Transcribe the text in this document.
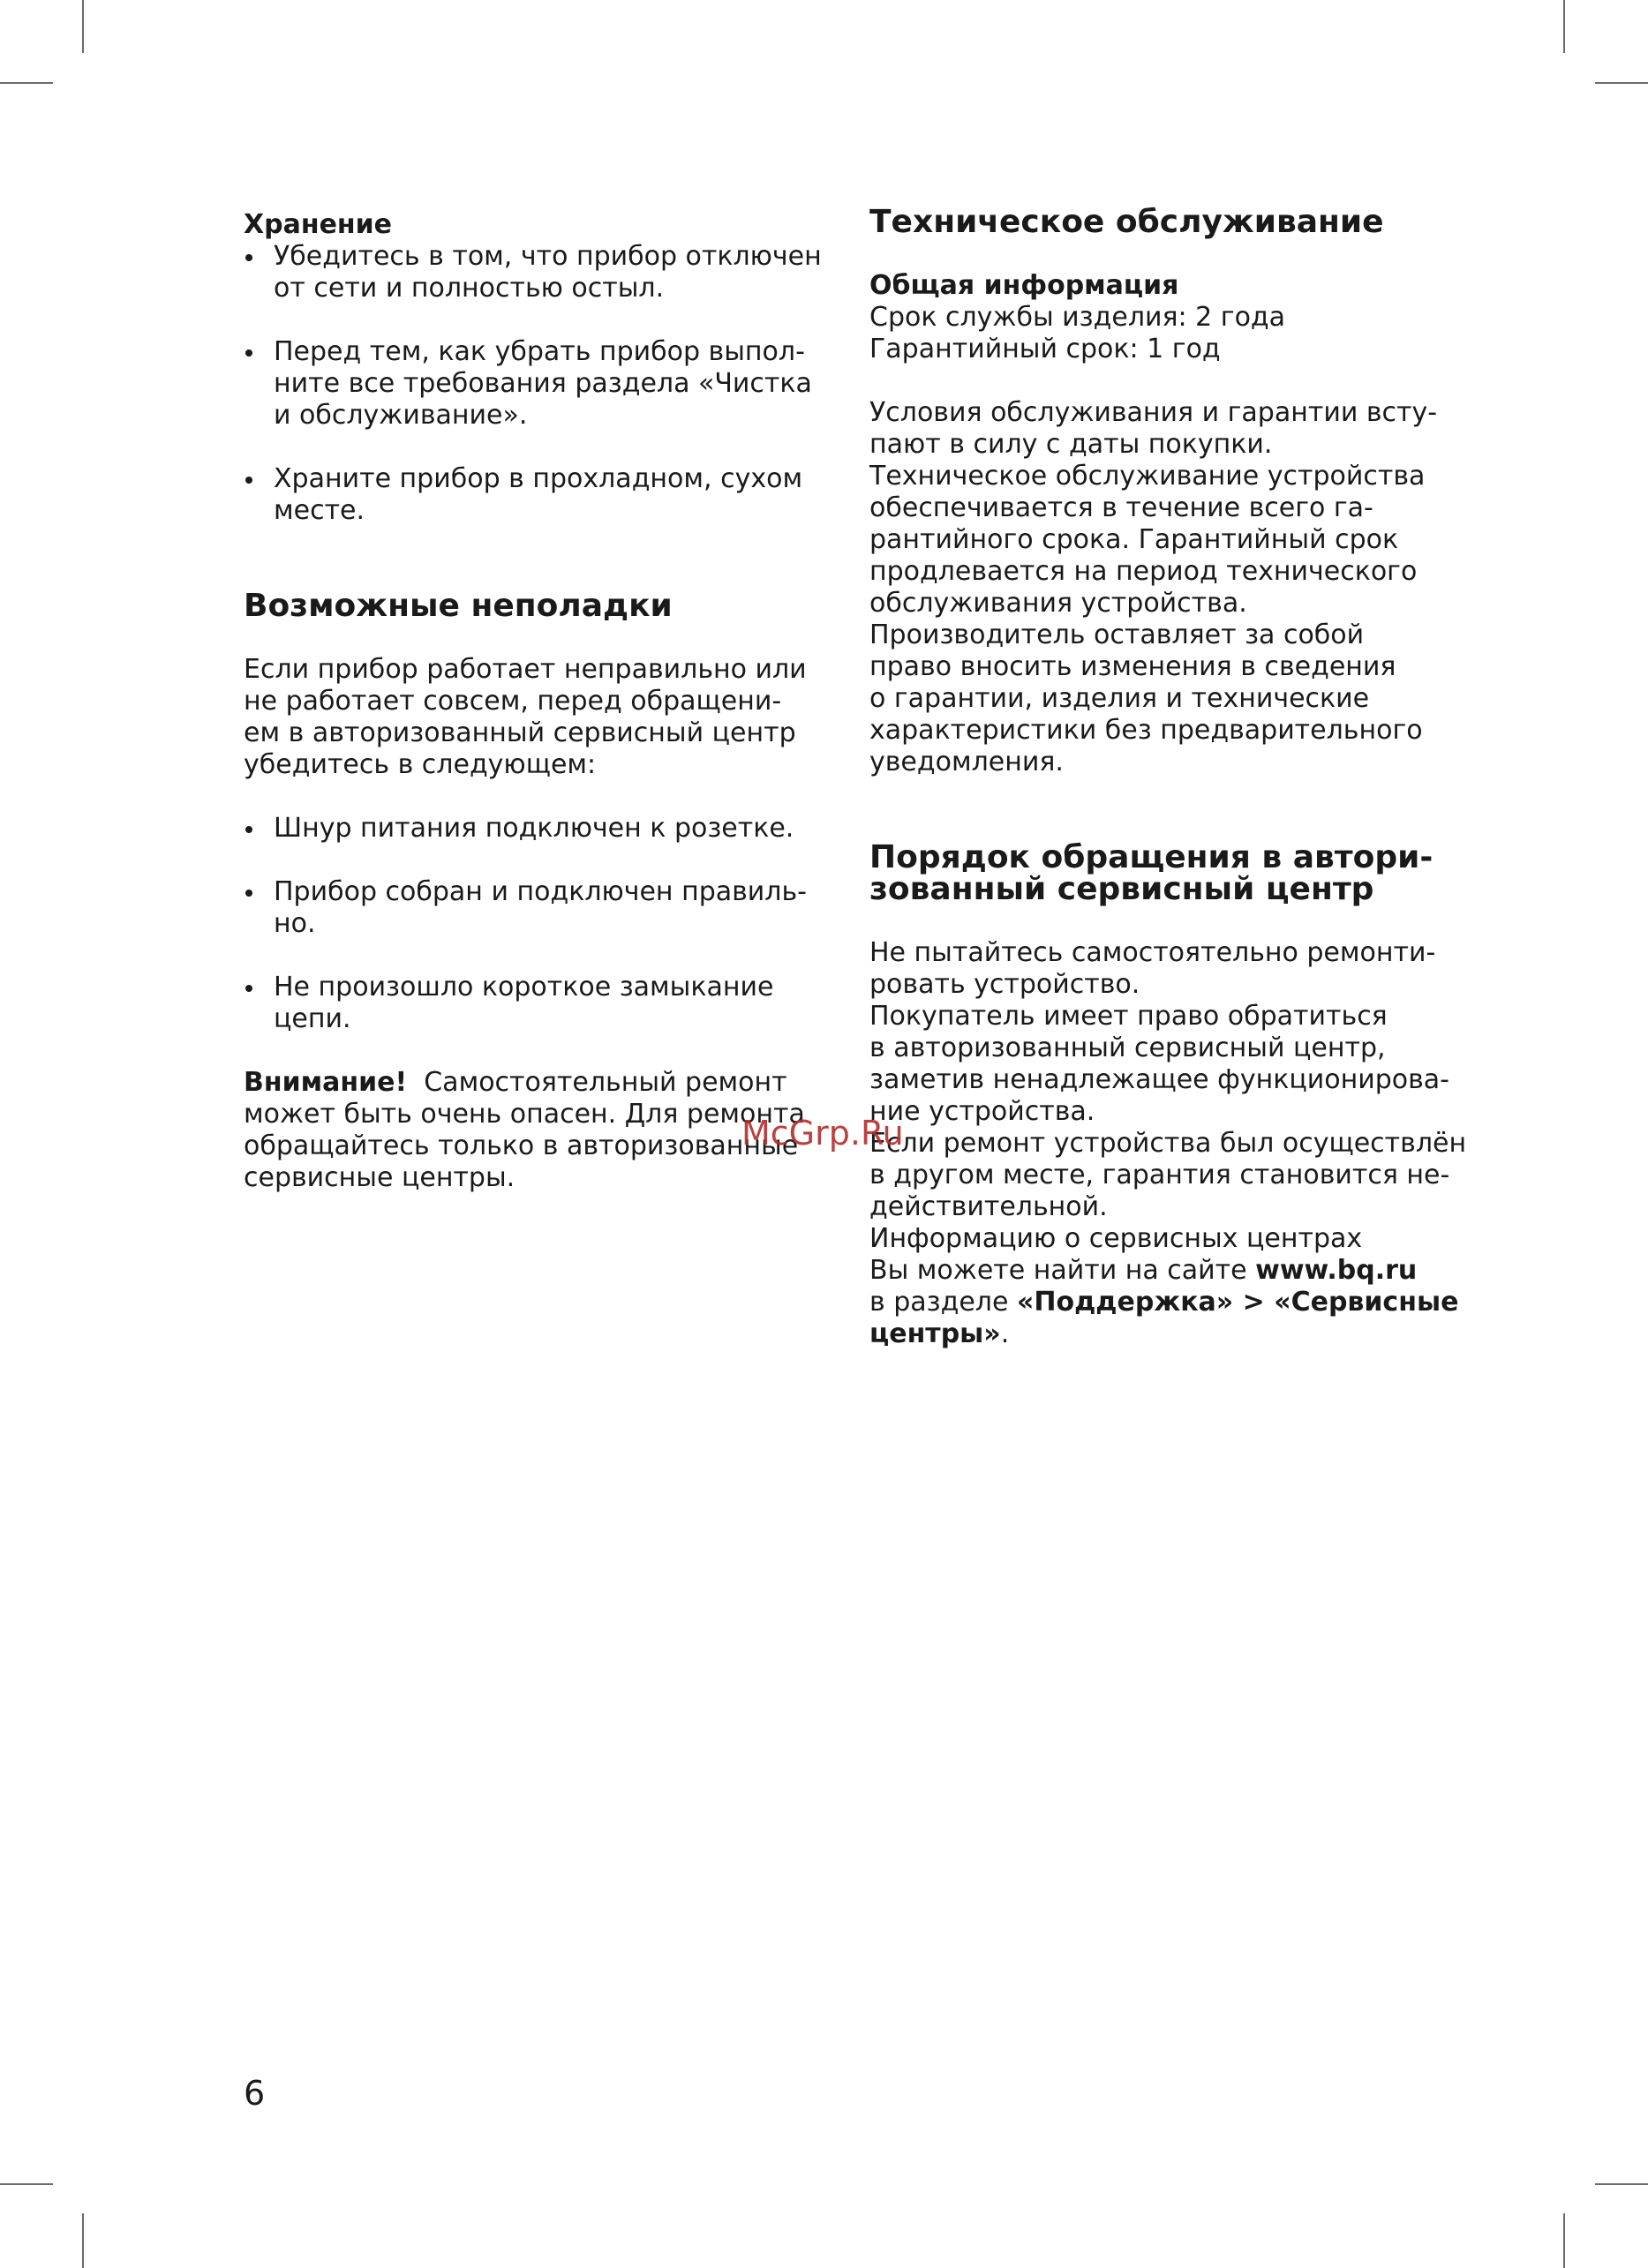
Хранение
Убедитесь в том, что прибор отключен
от сети и полностью остыл.
Перед тем, как убрать прибор выпол-
ните все требования раздела «Чистка
и обслуживание».
Храните прибор в прохладном, сухом
месте.
Возможные неполадки
Если прибор работает неправильно или
не работает совсем, перед обращени-
ем в авторизованный сервисный центр
убедитесь в следующем:
Шнур питания подключен к розетке.
Прибор собран и подключен правиль-
но.
Не произошло короткое замыкание
цепи.
Внимание! Самостоятельный ремонт
может быть очень опасен. Для ремонта
обращайтесь только в авторизованные
сервисные центры.
Техническое обслуживание
Общая информация
Срок службы изделия: 2 года
Гарантийный срок: 1 год
Условия обслуживания и гарантии всту-
пают в силу с даты покупки.
Техническое обслуживание устройства
обеспечивается в течение всего га-
рантийного срока. Гарантийный срок
продлевается на период технического
обслуживания устройства.
Производитель оставляет за собой
право вносить изменения в сведения
о гарантии, изделия и технические
характеристики без предварительного
уведомления.
Порядок обращения в автори-
зованный сервисный центр
Не пытайтесь самостоятельно ремонти-
ровать устройство.
Покупатель имеет право обратиться
в авторизованный сервисный центр,
заметив ненадлежащее функционирова-
ние устройства.
Если ремонт устройства был осуществлён
в другом месте, гарантия становится не-
действительной.
Информацию о сервисных центрах
Вы можете найти на сайте www.bq.ru
в разделе «Поддержка» > «Сервисные
центры».
McGrp.Ru
6
